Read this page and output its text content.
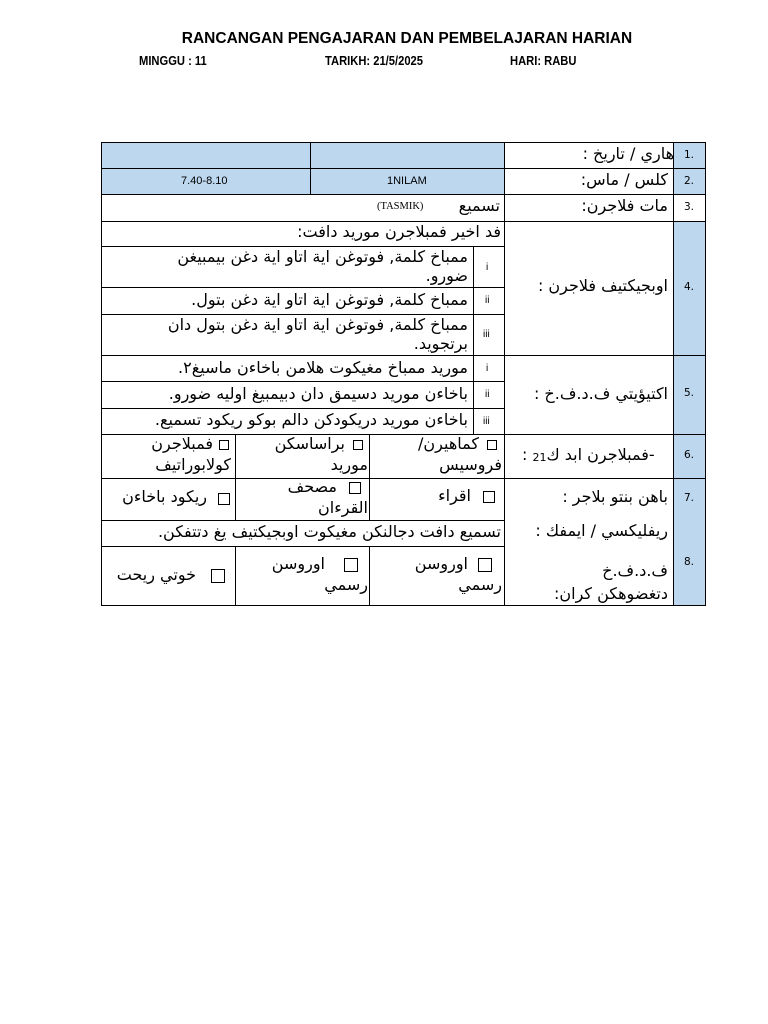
RANCANGAN PENGAJARAN DAN PEMBELAJARAN HARIAN
MINGGU : 11	TARIKH: 21/5/2025	HARI: RABU
1.
2.
3.
4.
5.
6.
7.
8.
هاري / تاريخ :
كلس / ماس:
مات فلاجرن:
اوبجيكتيف فلاجرن :
اكتيؤيتي ف.د.ف.خ :
: 21فمبلاجرن ابد ك-
باهن بنتو بلاجر :
ريفليكسي / ايمفك :
ف.د.ف.خ
دتغضوهكن كران:
1NILAM
7.40-8.10
تسميع
(TASMIK)
فد اخير فمبلاجرن موريد دافت:
i
ممباخ كلمة, فوتوغن اية اتاو اية دغن بيمبيغن
ضورو.
ii
ممباخ كلمة, فوتوغن اية اتاو اية دغن بتول.
iii
ممباخ كلمة, فوتوغن اية اتاو اية دغن بتول دان
برتجويد.
i
موريد ممباخ مغيكوت هلامن باخاءن ماسيغ٢.
ii
باخاءن موريد دسيمق دان دبيمبيغ اوليه ضورو.
iii
باخاءن موريد دريكودكن دالم بوكو ريكود تسميع.
كماهيرن/
فروسيس
براساسكن
موريد
فمبلاجرن
كولابوراتيف
اقراء
مصحف
القرءان
ريكود باخاءن
تسميع دافت دجالنكن مغيكوت اوبجيكتيف يغ دتتفكن.
اوروسن
رسمي
اوروسن
رسمي
خوتي ريحت
